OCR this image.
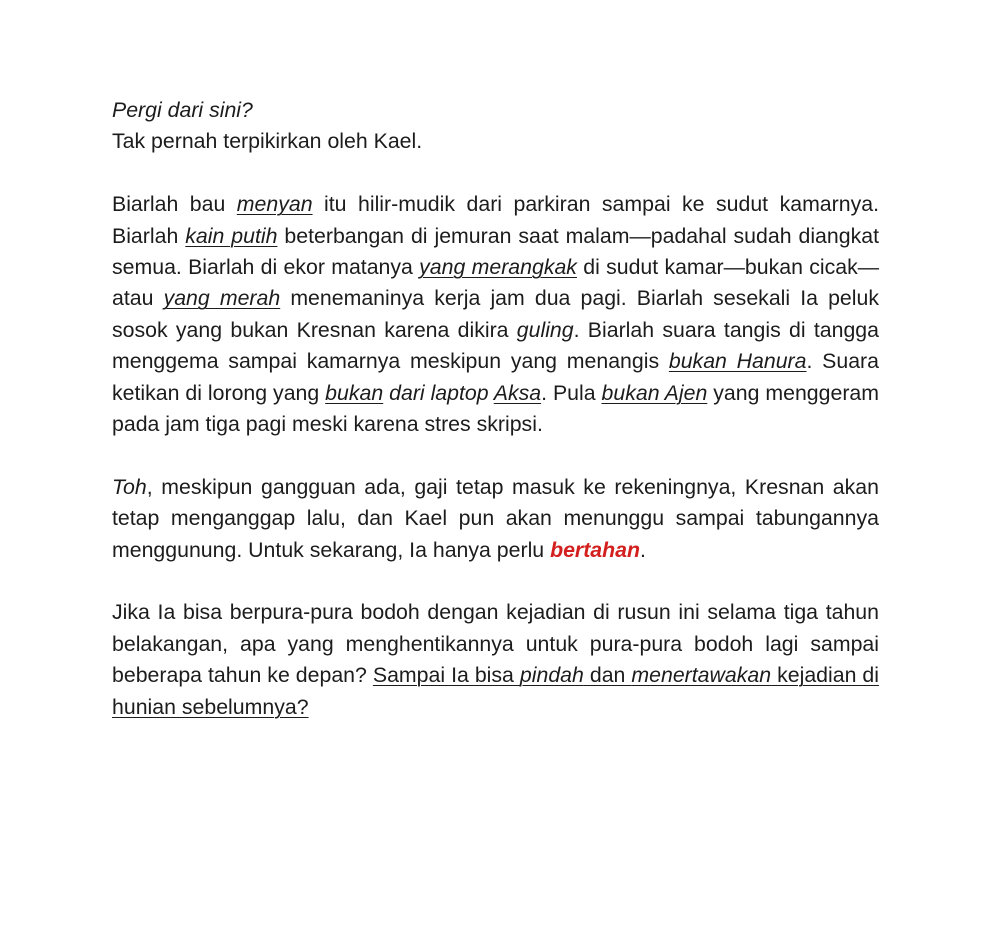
Pergi dari sini?
Tak pernah terpikirkan oleh Kael.

Biarlah bau menyan itu hilir-mudik dari parkiran sampai ke sudut kamarnya. Biarlah kain putih beterbangan di jemuran saat malam—padahal sudah diangkat semua. Biarlah di ekor matanya yang merangkak di sudut kamar—bukan cicak—atau yang merah menemaninya kerja jam dua pagi. Biarlah sesekali Ia peluk sosok yang bukan Kresnan karena dikira guling. Biarlah suara tangis di tangga menggema sampai kamarnya meskipun yang menangis bukan Hanura. Suara ketikan di lorong yang bukan dari laptop Aksa. Pula bukan Ajen yang menggeram pada jam tiga pagi meski karena stres skripsi.

Toh, meskipun gangguan ada, gaji tetap masuk ke rekeningnya, Kresnan akan tetap menganggap lalu, dan Kael pun akan menunggu sampai tabungannya menggunung. Untuk sekarang, Ia hanya perlu bertahan.

Jika Ia bisa berpura-pura bodoh dengan kejadian di rusun ini selama tiga tahun belakangan, apa yang menghentikannya untuk pura-pura bodoh lagi sampai beberapa tahun ke depan? Sampai Ia bisa pindah dan menertawakan kejadian di hunian sebelumnya?
